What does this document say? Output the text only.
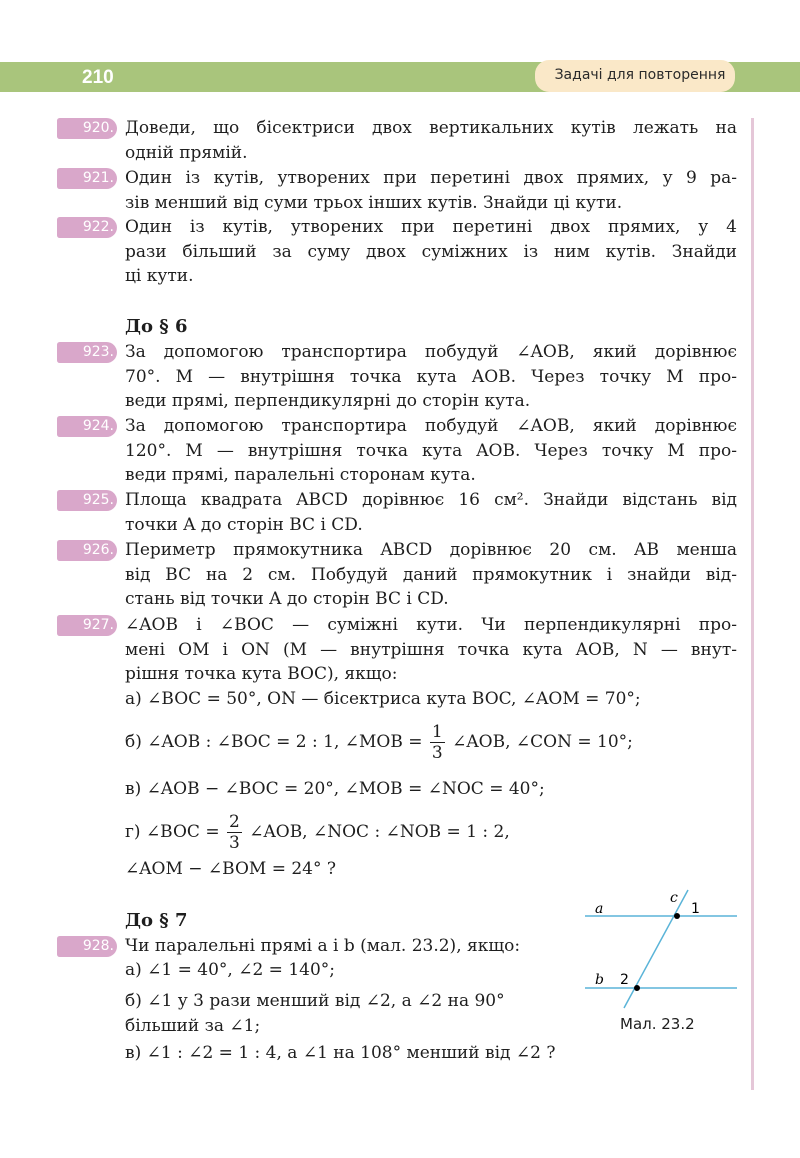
210	Задачі для повторення
920. Доведи, що бісектриси двох вертикальних кутів лежать на
одній прямій.
921. Один із кутів, утворених при перетині двох прямих, у 9 ра-
зів менший від суми трьох інших кутів. Знайди ці кути.
922. Один із кутів, утворених при перетині двох прямих, у 4
рази більший за суму двох суміжних із ним кутів. Знайди
ці кути.
До § 6
923. За допомогою транспортира побудуй ∠AOB, який дорівнює
70°. M — внутрішня точка кута AOB. Через точку M про-
веди прямі, перпендикулярні до сторін кута.
924. За допомогою транспортира побудуй ∠AOB, який дорівнює
120°. M — внутрішня точка кута AOB. Через точку M про-
веди прямі, паралельні сторонам кута.
925. Площа квадрата ABCD дорівнює 16 см². Знайди відстань від
точки A до сторін BC і CD.
926. Периметр прямокутника ABCD дорівнює 20 см. AB менша
від BC на 2 см. Побудуй даний прямокутник і знайди від-
стань від точки A до сторін BC і CD.
927. ∠AOB і ∠BOC — суміжні кути. Чи перпендикулярні про-
мені OM і ON (M — внутрішня точка кута AOB, N — внут-
рішня точка кута BOC), якщо:
а) ∠BOC = 50°, ON — бісектриса кута BOC, ∠AOM = 70°;
б) ∠AOB : ∠BOC = 2 : 1, ∠MOB = $\frac{1}{3}$ ∠AOB, ∠CON = 10°;
в) ∠AOB − ∠BOC = 20°, ∠MOB = ∠NOC = 40°;
г) ∠BOC = $\frac{2}{3}$ ∠AOB, ∠NOC : ∠NOB = 1 : 2,
∠AOM − ∠BOM = 24° ?
До § 7
928. Чи паралельні прямі a і b (мал. 23.2), якщо:
а) ∠1 = 40°, ∠2 = 140°;
б) ∠1 у 3 рази менший від ∠2, а ∠2 на 90°
більший за ∠1;
в) ∠1 : ∠2 = 1 : 4, а ∠1 на 108° менший від ∠2 ?
a
b
c
1
2
Мал. 23.2
